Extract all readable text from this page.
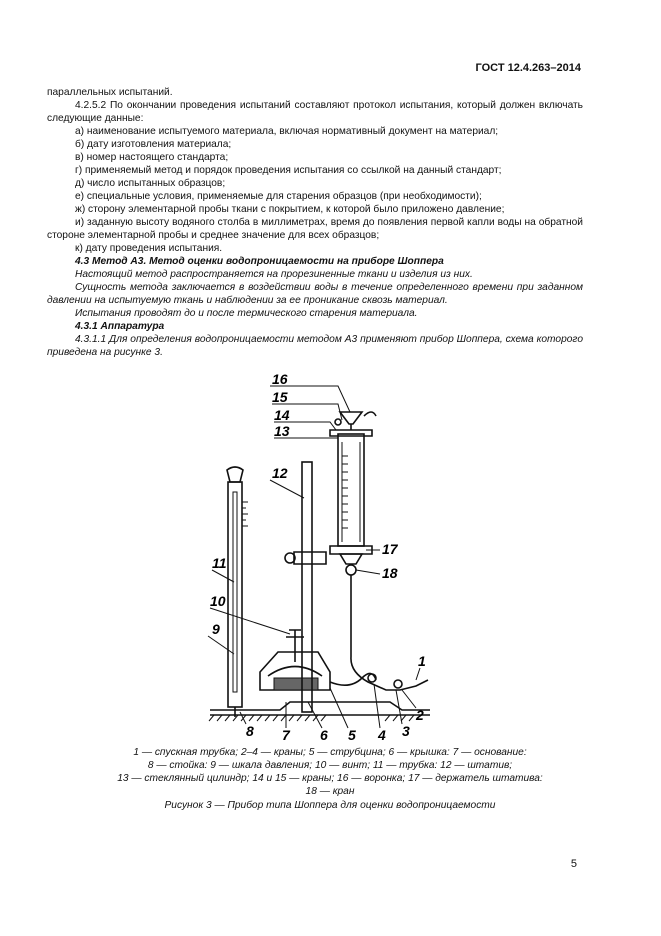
ГОСТ 12.4.263–2014

параллельных испытаний.

4.2.5.2 По окончании проведения испытаний составляют протокол испытания, который должен включать следующие данные:

а) наименование испытуемого материала, включая нормативный документ на материал;

б) дату изготовления материала;

в) номер настоящего стандарта;

г) применяемый метод и порядок проведения испытания со ссылкой на данный стандарт;

д) число испытанных образцов;

е) специальные условия, применяемые для старения образцов (при необходимости);

ж) сторону элементарной пробы ткани с покрытием, к которой было приложено давление;

и) заданную высоту водяного столба в миллиметрах, время до появления первой капли воды на обратной стороне элементарной пробы и среднее значение для всех образцов;

к) дату проведения испытания.

4.3 Метод А3. Метод оценки водопроницаемости на приборе Шоппера

Настоящий метод распространяется на прорезиненные ткани и изделия из них.

Сущность метода заключается в воздействии воды в течение определенного времени при заданном давлении на испытуемую ткань и наблюдении за ее проникание сквозь материал.

Испытания проводят до и после термического старения материала.

4.3.1 Аппаратура

4.3.1.1 Для определения водопроницаемости методом А3 применяют прибор Шоппера, схема которого приведена на рисунке 3.

16
15
14
13
12
11
10
9
8 7 6 5 4 3
2
1
17
18
1 — спускная трубка; 2–4 — краны; 5 — струбцина; 6 — крышка: 7 — основание:
8 — стойка: 9 — шкала давления; 10 — винт; 11 — трубка: 12 — штатив;
13 — стеклянный цилиндр; 14 и 15 — краны; 16 — воронка; 17 — держатель штатива:
18 — кран
Рисунок 3 — Прибор типа Шоппера для оценки водопроницаемости
5
